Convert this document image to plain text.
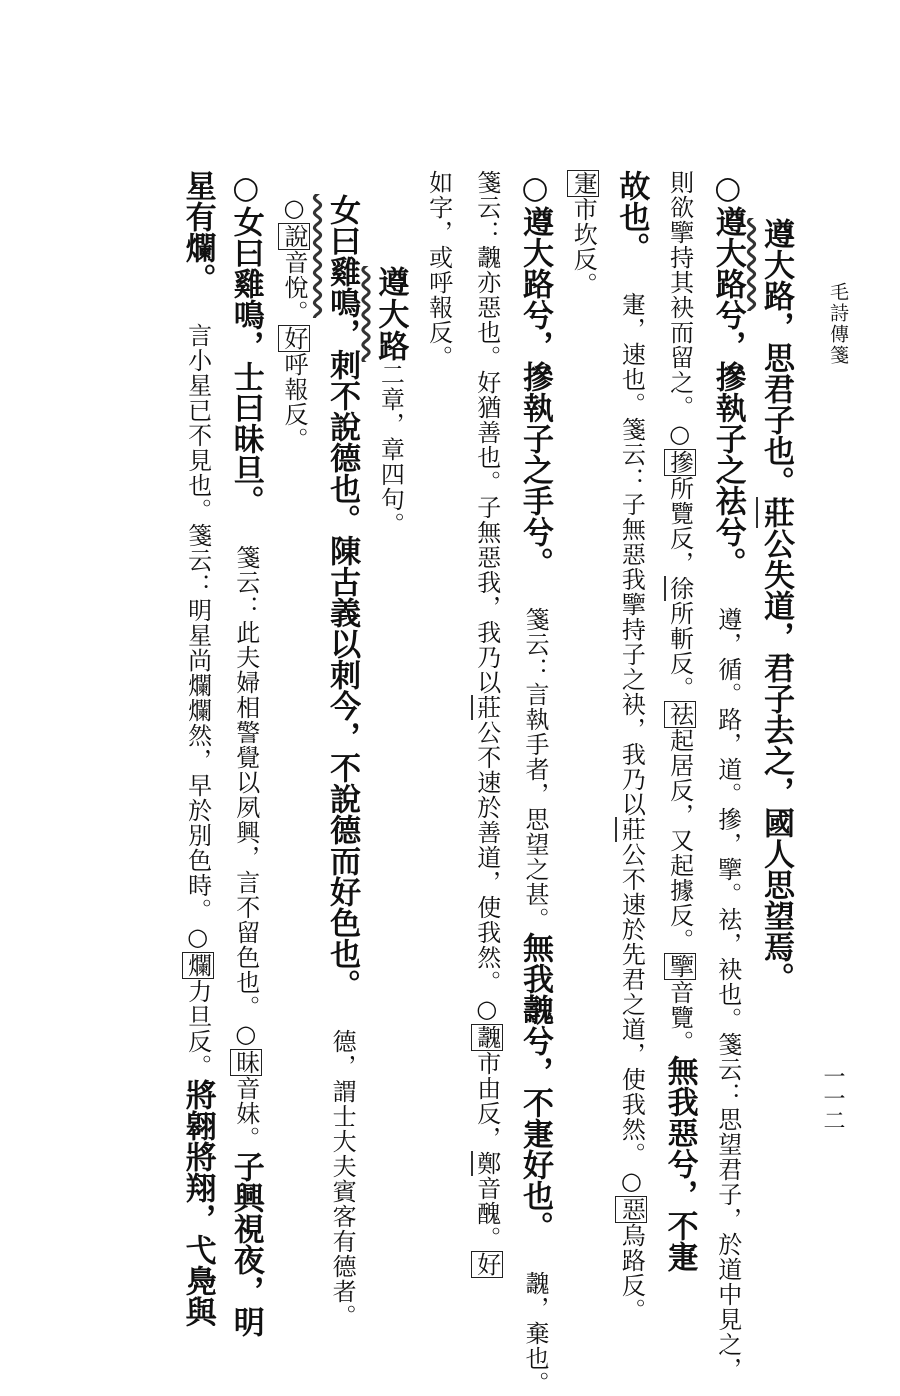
毛詩傳箋
一一二
遵大路，思君子也。莊公失道，君子去之，國人思望焉。
○遵大路兮，摻執子之祛兮。 遵，循。路，道。摻，擥。祛，袂也。箋云：思望君子，於道中見之，
則欲擥持其袂而留之。○摻所覽反，徐所斬反。祛起居反，又起據反。擥音覽。無我惡兮，不寁
故也。 寁，速也。箋云：子無惡我擥持子之袂，我乃以莊公不速於先君之道，使我然。○惡烏路反。
寁市坎反。
○遵大路兮，摻執子之手兮。 箋云：言執手者，思望之甚。無我魗兮，不寁好也。 魗，棄也。
箋云：魗亦惡也。好猶善也。子無惡我，我乃以莊公不速於善道，使我然。○魗市由反，鄭音醜。好
如字，或呼報反。
遵大路二章，章四句。
女曰雞鳴，刺不說德也。陳古義以刺今，不說德而好色也。 德，謂士大夫賓客有德者。
○說音悅。好呼報反。
○女曰雞鳴，士曰昧旦。 箋云：此夫婦相警覺以夙興，言不留色也。○昧音妹。子興視夜，明
星有爛。 言小星已不見也。箋云：明星尚爛爛然，早於別色時。○爛力旦反。將翱將翔，弋鳧與
